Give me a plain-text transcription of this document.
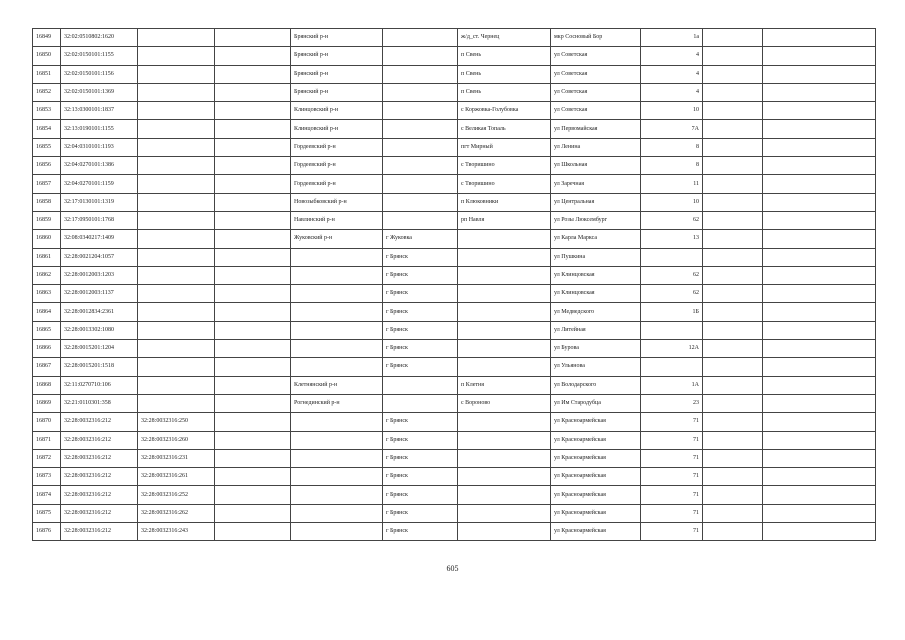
16849	32:02:0510802:1620			Брянский р-н		ж/д_ст. Чернец	мкр Сосновый Бор	1а		
16850	32:02:0150101:1155			Брянский р-н		п Свень	ул Советская	4		
16851	32:02:0150101:1156			Брянский р-н		п Свень	ул Советская	4		
16852	32:02:0150101:1369			Брянский р-н		п Свень	ул Советская	4		
16853	32:13:0300101:1837			Клинцовский р-н		с Коржовка-Голубовка	ул Советская	10		
16854	32:13:0190101:1155			Клинцовский р-н		с Великая Топаль	ул Первомайская	7А		
16855	32:04:0310101:1193			Гордеевский р-н		пгт Мирный	ул Ленина	8		
16856	32:04:0270101:1386			Гордеевский р-н		с Творишино	ул Школьная	8		
16857	32:04:0270101:1159			Гордеевский р-н		с Творишино	ул Заречная	11		
16858	32:17:0130101:1319			Новозыбковский р-н		п Клюковники	ул Центральная	10		
16859	32:17:0950101:1768			Навлинский р-н		рп Навля	ул Розы Люксембург	62		
16860	32:08:0340217:1409			Жуковский р-н	г Жуковка		ул Карла Маркса	13		
16861	32:28:0021204:1057				г Брянск		ул Пушкина			
16862	32:28:0012003:1203				г Брянск		ул Клинцовская	62		
16863	32:28:0012003:1137				г Брянск		ул Клинцовская	62		
16864	32:28:0012834:2361				г Брянск		ул Медведского	1Б		
16865	32:28:0013302:1080				г Брянск		ул Литейная			
16866	32:28:0015201:1204				г Брянск		ул Бурова	12А		
16867	32:28:0015201:1518				г Брянск		ул Ульянова			
16868	32:11:0270710:106			Клетнянский р-н		п Клетня	ул Володарского	1А		
16869	32:21:0110301:358			Рогнединский р-н		с Вороново	ул Им Стародубца	23		
16870	32:28:0032316:212	32:28:0032316:250			г Брянск		ул Красноармейская	71		
16871	32:28:0032316:212	32:28:0032316:260			г Брянск		ул Красноармейская	71		
16872	32:28:0032316:212	32:28:0032316:231			г Брянск		ул Красноармейская	71		
16873	32:28:0032316:212	32:28:0032316:261			г Брянск		ул Красноармейская	71		
16874	32:28:0032316:212	32:28:0032316:252			г Брянск		ул Красноармейская	71		
16875	32:28:0032316:212	32:28:0032316:262			г Брянск		ул Красноармейская	71		
16876	32:28:0032316:212	32:28:0032316:243			г Брянск		ул Красноармейская	71		
605
